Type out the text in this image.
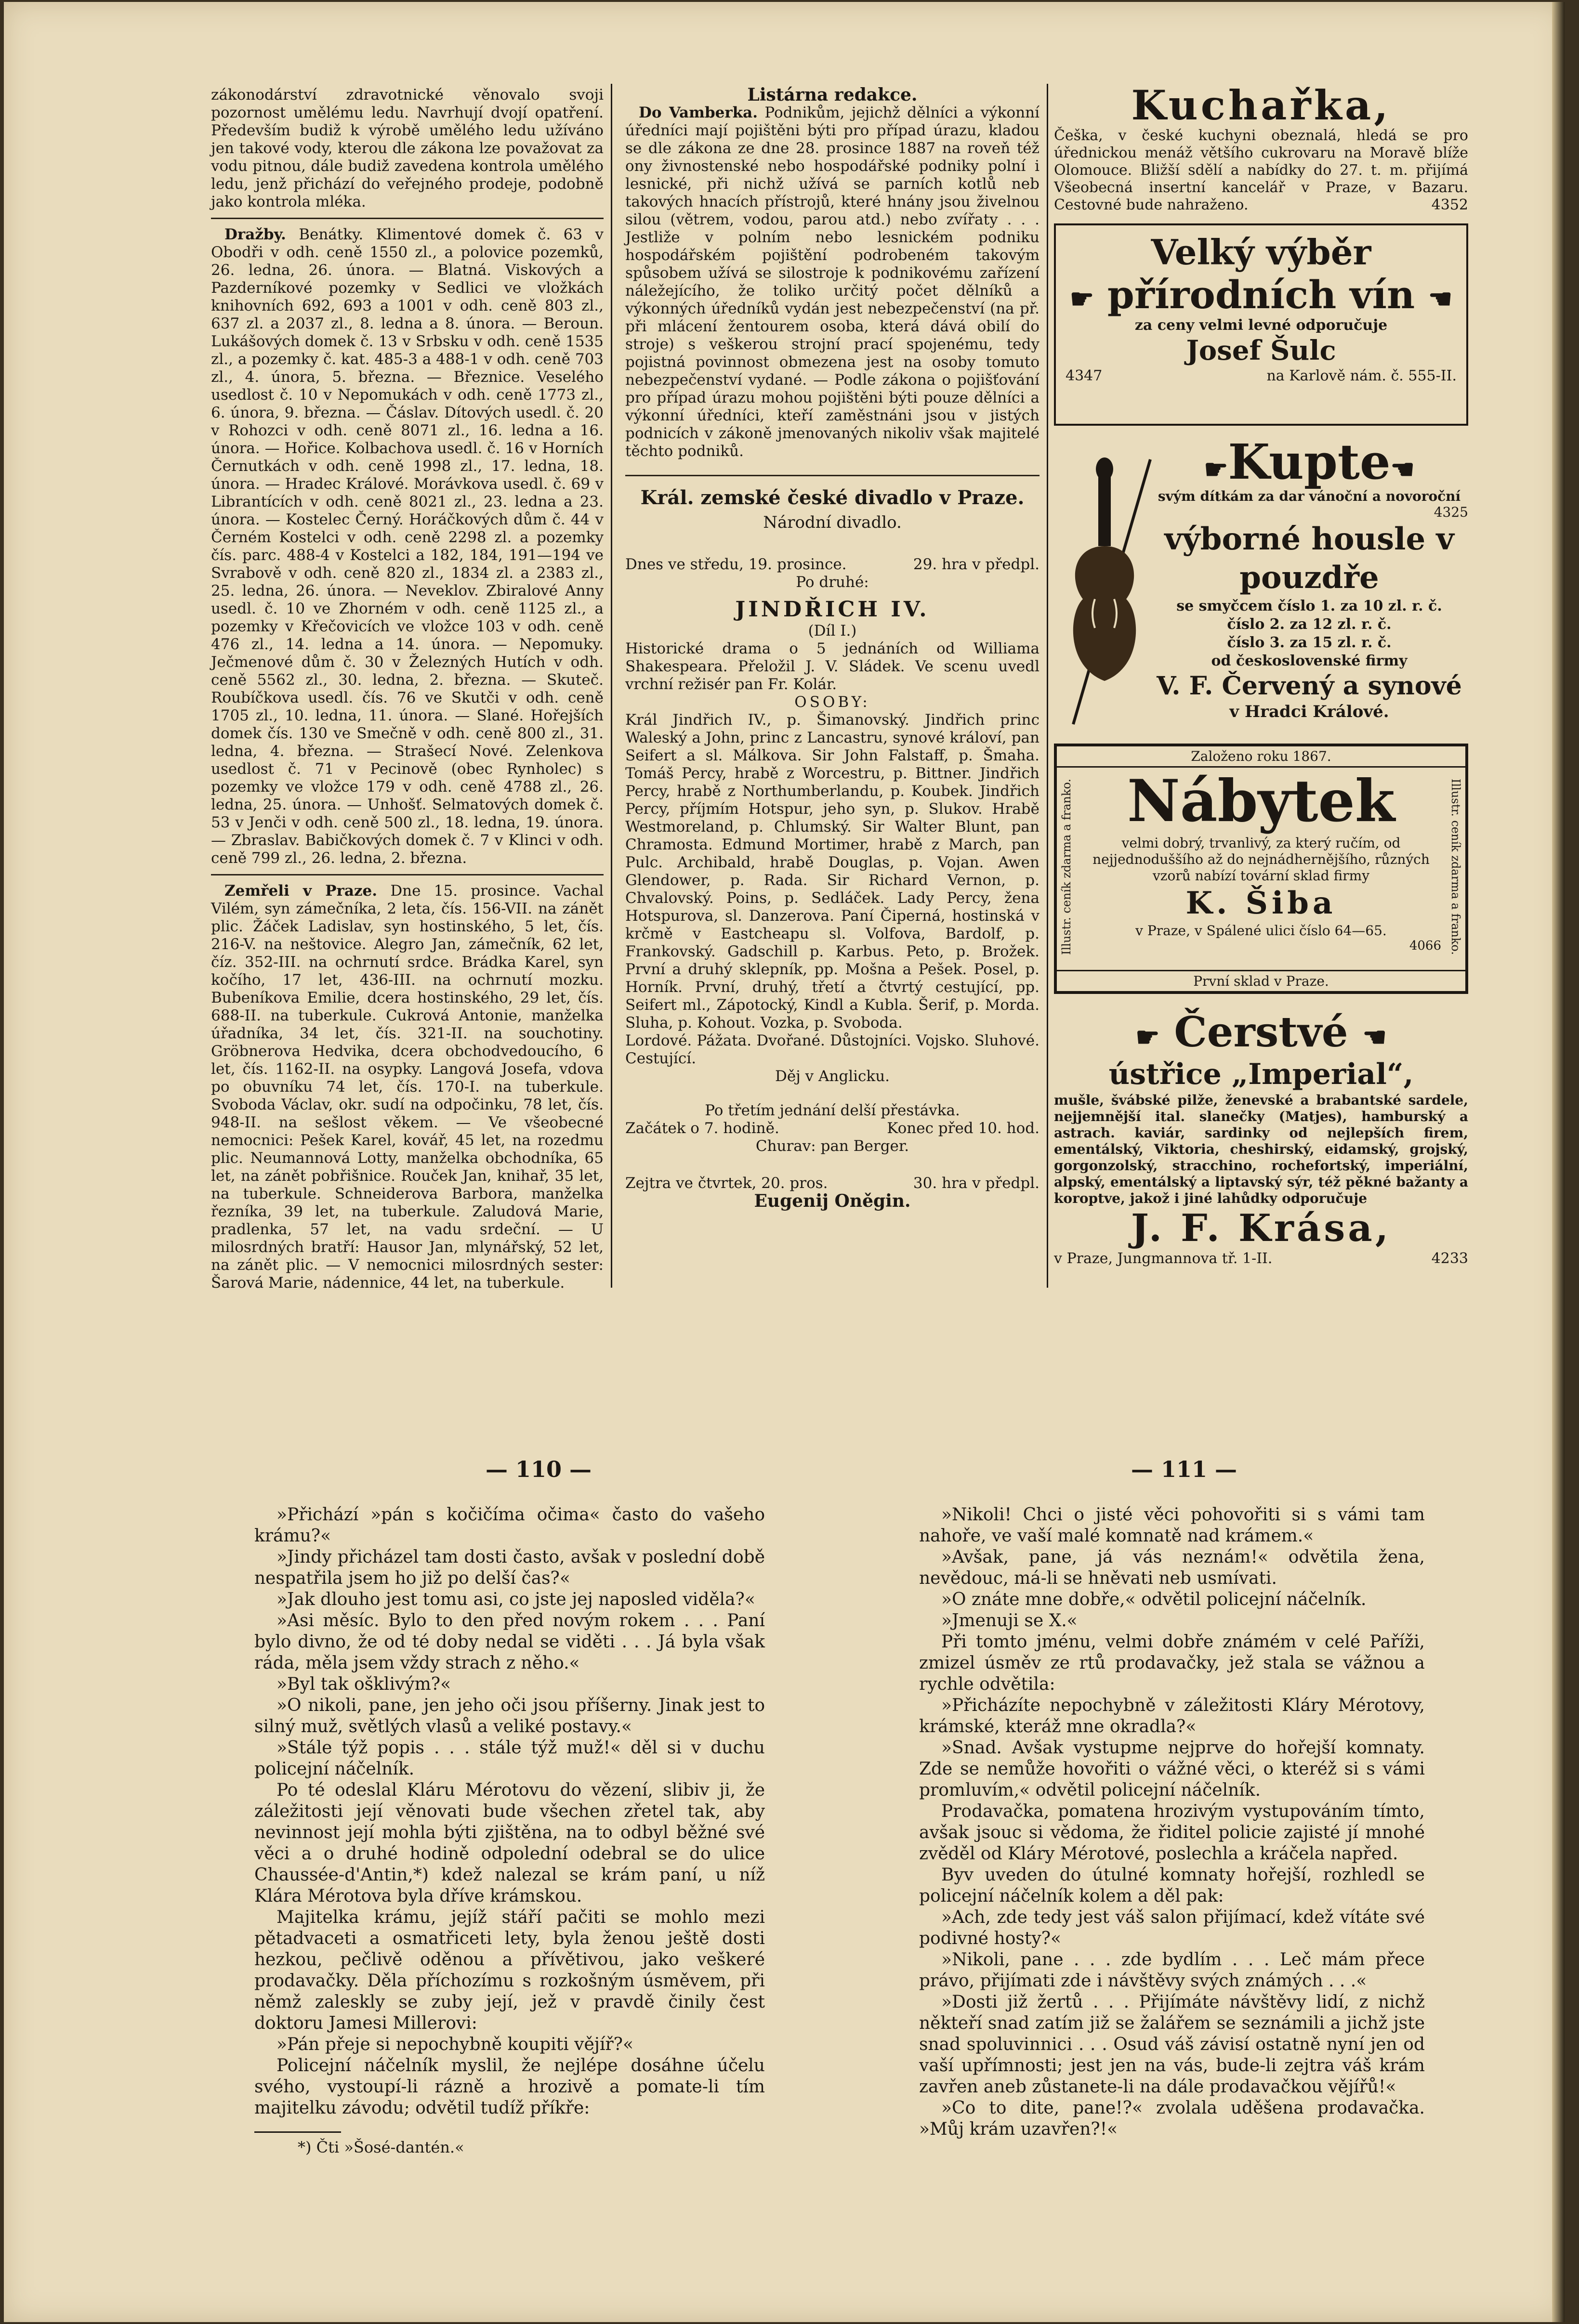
zákonodárství zdravotnické věnovalo svoji pozornost umělému ledu. Navrhují dvojí opatření. Především budiž k výrobě umělého ledu užíváno jen takové vody, kterou dle zákona lze považovat za vodu pitnou, dále budiž zavedena kontrola umělého ledu, jenž přichází do veřejného prodeje, podobně jako kontrola mléka.

Dražby. Benátky. Klimentové domek č. 63 v Obodři v odh. ceně 1550 zl., a polovice pozemků, 26. ledna, 26. února. — Blatná. Viskových a Pazderníkové pozemky v Sedlici ve vložkách knihovních 692, 693 a 1001 v odh. ceně 803 zl., 637 zl. a 2037 zl., 8. ledna a 8. února. — Beroun. Lukášových domek č. 13 v Srbsku v odh. ceně 1535 zl., a pozemky č. kat. 485-3 a 488-1 v odh. ceně 703 zl., 4. února, 5. března. — Březnice. Veselého usedlost č. 10 v Nepomukách v odh. ceně 1773 zl., 6. února, 9. března. — Čáslav. Dítových usedl. č. 20 v Rohozci v odh. ceně 8071 zl., 16. ledna a 16. února. — Hořice. Kolbachova usedl. č. 16 v Horních Černutkách v odh. ceně 1998 zl., 17. ledna, 18. února. — Hradec Králové. Morávkova usedl. č. 69 v Librantících v odh. ceně 8021 zl., 23. ledna a 23. února. — Kostelec Černý. Horáčkových dům č. 44 v Černém Kostelci v odh. ceně 2298 zl. a pozemky čís. parc. 488-4 v Kostelci a 182, 184, 191—194 ve Svrabově v odh. ceně 820 zl., 1834 zl. a 2383 zl., 25. ledna, 26. února. — Neveklov. Zbiralové Anny usedl. č. 10 ve Zhorném v odh. ceně 1125 zl., a pozemky v Křečovicích ve vložce 103 v odh. ceně 476 zl., 14. ledna a 14. února. — Nepomuky. Ječmenové dům č. 30 v Železných Hutích v odh. ceně 5562 zl., 30. ledna, 2. března. — Skuteč. Roubíčkova usedl. čís. 76 ve Skutči v odh. ceně 1705 zl., 10. ledna, 11. února. — Slané. Hořejších domek čís. 130 ve Smečně v odh. ceně 800 zl., 31. ledna, 4. března. — Strašecí Nové. Zelenkova usedlost č. 71 v Pecinově (obec Rynholec) s pozemky ve vložce 179 v odh. ceně 4788 zl., 26. ledna, 25. února. — Unhošť. Selmatových domek č. 53 v Jenči v odh. ceně 500 zl., 18. ledna, 19. února. — Zbraslav. Babičkových domek č. 7 v Klinci v odh. ceně 799 zl., 26. ledna, 2. března.

Zemřeli v Praze. Dne 15. prosince. Vachal Vilém, syn zámečníka, 2 leta, čís. 156-VII. na zánět plic. Žáček Ladislav, syn hostinského, 5 let, čís. 216-V. na neštovice. Alegro Jan, zámečník, 62 let, číz. 352-III. na ochrnutí srdce. Brádka Karel, syn kočího, 17 let, 436-III. na ochrnutí mozku. Bubeníkova Emilie, dcera hostinského, 29 let, čís. 688-II. na tuberkule. Cukrová Antonie, manželka úřadníka, 34 let, čís. 321-II. na souchotiny. Gröbnerova Hedvika, dcera obchodvedoucího, 6 let, čís. 1162-II. na osypky. Langová Josefa, vdova po obuvníku 74 let, čís. 170-I. na tuberkule. Svoboda Václav, okr. sudí na odpočinku, 78 let, čís. 948-II. na sešlost věkem. — Ve všeobecné nemocnici: Pešek Karel, kovář, 45 let, na rozedmu plic. Neumannová Lotty, manželka obchodníka, 65 let, na zánět pobřišnice. Rouček Jan, knihař, 35 let, na tuberkule. Schneiderova Barbora, manželka řezníka, 39 let, na tuberkule. Zaludová Marie, pradlenka, 57 let, na vadu srdeční. — U milosrdných bratří: Hausor Jan, mlynářský, 52 let, na zánět plic. — V nemocnici milosrdných sester: Šarová Marie, nádennice, 44 let, na tuberkule.

Listárna redakce.

Do Vamberka. Podnikům, jejichž dělníci a výkonní úředníci mají pojištěni býti pro případ úrazu, kladou se dle zákona ze dne 28. prosince 1887 na roveň též ony živnostenské nebo hospodářské podniky polní i lesnické, při nichž užívá se parních kotlů neb takových hnacích přístrojů, které hnány jsou živelnou silou (větrem, vodou, parou atd.) nebo zvířaty . . . Jestliže v polním nebo lesnickém podniku hospodářském pojištění podrobeném takovým spůsobem užívá se silostroje k podnikovému zařízení náležejícího, že toliko určitý počet dělníků a výkonných úředníků vydán jest nebezpečenství (na př. při mlácení žentourem osoba, která dává obilí do stroje) s veškerou strojní prací spojenému, tedy pojistná povinnost obmezena jest na osoby tomuto nebezpečenství vydané. — Podle zákona o pojišťování pro případ úrazu mohou pojištěni býti pouze dělníci a výkonní úředníci, kteří zaměstnáni jsou v jistých podnicích v zákoně jmenovaných nikoliv však majitelé těchto podniků.

Král. zemské české divadlo v Praze.
Národní divadlo.
Dnes ve středu, 19. prosince.	29. hra v předpl.
Po druhé:
JINDŘICH IV.
(Díl I.)

Historické drama o 5 jednáních od Williama Shakespeara. Přeložil J. V. Sládek. Ve scenu uvedl vrchní režisér pan Fr. Kolár.

OSOBY:

Král Jindřich IV., p. Šimanovský. Jindřich princ Waleský a John, princ z Lancastru, synové královí, pan Seifert a sl. Málkova. Sir John Falstaff, p. Šmaha. Tomáš Percy, hrabě z Worcestru, p. Bittner. Jindřich Percy, hrabě z Northumberlandu, p. Koubek. Jindřich Percy, příjmím Hotspur, jeho syn, p. Slukov. Hrabě Westmoreland, p. Chlumský. Sir Walter Blunt, pan Chramosta. Edmund Mortimer, hrabě z March, pan Pulc. Archibald, hrabě Douglas, p. Vojan. Awen Glendower, p. Rada. Sir Richard Vernon, p. Chvalovský. Poins, p. Sedláček. Lady Percy, žena Hotspurova, sl. Danzerova. Paní Čiperná, hostinská v krčmě v Eastcheapu sl. Volfova, Bardolf, p. Frankovský. Gadschill p. Karbus. Peto, p. Brožek. První a druhý sklepník, pp. Mošna a Pešek. Posel, p. Horník. První, druhý, třetí a čtvrtý cestující, pp. Seifert ml., Zápotocký, Kindl a Kubla. Šerif, p. Morda. Sluha, p. Kohout. Vozka, p. Svoboda.

Lordové. Pážata. Dvořané. Důstojníci. Vojsko. Sluhové. Cestující.

Děj v Anglicku.
Po třetím jednání delší přestávka.
Začátek o 7. hodině.	Konec před 10. hod.
Churav: pan Berger.
Zejtra ve čtvrtek, 20. pros.	30. hra v předpl.
Eugenij Oněgin.
Kuchařka,
Češka, v české kuchyni obeznalá, hledá se pro úřednickou menáž většího cukrovaru na Moravě blíže Olomouce. Bližší sdělí a nabídky do 27. t. m. přijímá Všeobecná insertní kancelář v Praze, v Bazaru. Cestovné bude nahraženo.	4352
Velký výběr
☛ přírodních vín ☚
za ceny velmi levné odporučuje
Josef Šulc
4347	na Karlově nám. č. 555-II.
☛Kupte☚
svým dítkám za dar vánoční a novoroční
4325
výborné housle v pouzdře
se smyčcem číslo 1. za 10 zl. r. č.
číslo 2. za 12 zl. r. č.
číslo 3. za 15 zl. r. č.
od československé firmy
V. F. Červený a synové
v Hradci Králové.
Založeno roku 1867.
Illustr. ceník zdarma a franko.	Illustr. ceník zdarma a franko.
Nábytek
velmi dobrý, trvanlivý, za který ručím, od nejjednoduššího až do nejnádhernějšího, různých vzorů nabízí tovární sklad firmy
K. Šiba
v Praze, v Spálené ulici číslo 64—65.
4066
První sklad v Praze.
☛ Čerstvé ☚
ústřice „Imperial“,
mušle, švábské pilže, ženevské a brabantské sardele, nejjemnější ital. slanečky (Matjes), hamburský a astrach. kaviár, sardinky od nejlepších firem, ementálský, Viktoria, cheshirský, eidamský, grojský, gorgonzolský, stracchino, rochefortský, imperiální, alpský, ementálský a liptavský sýr, též pěkné bažanty a koroptve, jakož i jiné lahůdky odporučuje
J. F. Krása,
v Praze, Jungmannova tř. 1-II.	4233
— 110 —	— 111 —

»Přichází »pán s kočičíma očima« často do vašeho krámu?«

»Jindy přicházel tam dosti často, avšak v poslední době nespatřila jsem ho již po delší čas?«

»Jak dlouho jest tomu asi, co jste jej naposled viděla?«

»Asi měsíc. Bylo to den před novým rokem . . . Paní bylo divno, že od té doby nedal se viděti . . . Já byla však ráda, měla jsem vždy strach z něho.«

»Byl tak ošklivým?«

»O nikoli, pane, jen jeho oči jsou příšerny. Jinak jest to silný muž, světlých vlasů a veliké postavy.«

»Stále týž popis . . . stále týž muž!« děl si v duchu policejní náčelník.

Po té odeslal Kláru Mérotovu do vězení, slibiv ji, že záležitosti její věnovati bude všechen zřetel tak, aby nevinnost její mohla býti zjištěna, na to odbyl běžné své věci a o druhé hodině odpolední odebral se do ulice Chaussée-d'Antin,*) kdež nalezal se krám paní, u níž Klára Mérotova byla dříve krámskou.

Majitelka krámu, jejíž stáří pačiti se mohlo mezi pětadvaceti a osmatřiceti lety, byla ženou ještě dosti hezkou, pečlivě oděnou a přívětivou, jako veškeré prodavačky. Děla příchozímu s rozkošným úsměvem, při němž zaleskly se zuby její, jež v pravdě činily čest doktoru Jamesi Millerovi:

»Pán přeje si nepochybně koupiti vějíř?«

Policejní náčelník myslil, že nejlépe dosáhne účelu svého, vystoupí-li rázně a hrozivě a pomate-li tím majitelku závodu; odvětil tudíž příkře:

*) Čti »Šosé-dantén.«

»Nikoli! Chci o jisté věci pohovořiti si s vámi tam nahoře, ve vaší malé komnatě nad krámem.«

»Avšak, pane, já vás neznám!« odvětila žena, nevědouc, má-li se hněvati neb usmívati.

»O znáte mne dobře,« odvětil policejní náčelník.

»Jmenuji se X.«

Při tomto jménu, velmi dobře známém v celé Paříži, zmizel úsměv ze rtů prodavačky, jež stala se vážnou a rychle odvětila:

»Přicházíte nepochybně v záležitosti Kláry Mérotovy, krámské, kteráž mne okradla?«

»Snad. Avšak vystupme nejprve do hořejší komnaty. Zde se nemůže hovořiti o vážné věci, o kteréž si s vámi promluvím,« odvětil policejní náčelník.

Prodavačka, pomatena hrozivým vystupováním tímto, avšak jsouc si vědoma, že řiditel policie zajisté jí mnohé zvěděl od Kláry Mérotové, poslechla a kráčela napřed.

Byv uveden do útulné komnaty hořejší, rozhledl se policejní náčelník kolem a děl pak:

»Ach, zde tedy jest váš salon přijímací, kdež vítáte své podivné hosty?«

»Nikoli, pane . . . zde bydlím . . . Leč mám přece právo, přijímati zde i návštěvy svých známých . . .«

»Dosti již žertů . . . Přijímáte návštěvy lidí, z nichž někteří snad zatím již se žalářem se seznámili a jichž jste snad spoluvinnici . . . Osud váš závisí ostatně nyní jen od vaší upřímnosti; jest jen na vás, bude-li zejtra váš krám zavřen aneb zůstanete-li na dále prodavačkou vějířů!«

»Co to dite, pane!?« zvolala uděšena prodavačka. »Můj krám uzavřen?!«
